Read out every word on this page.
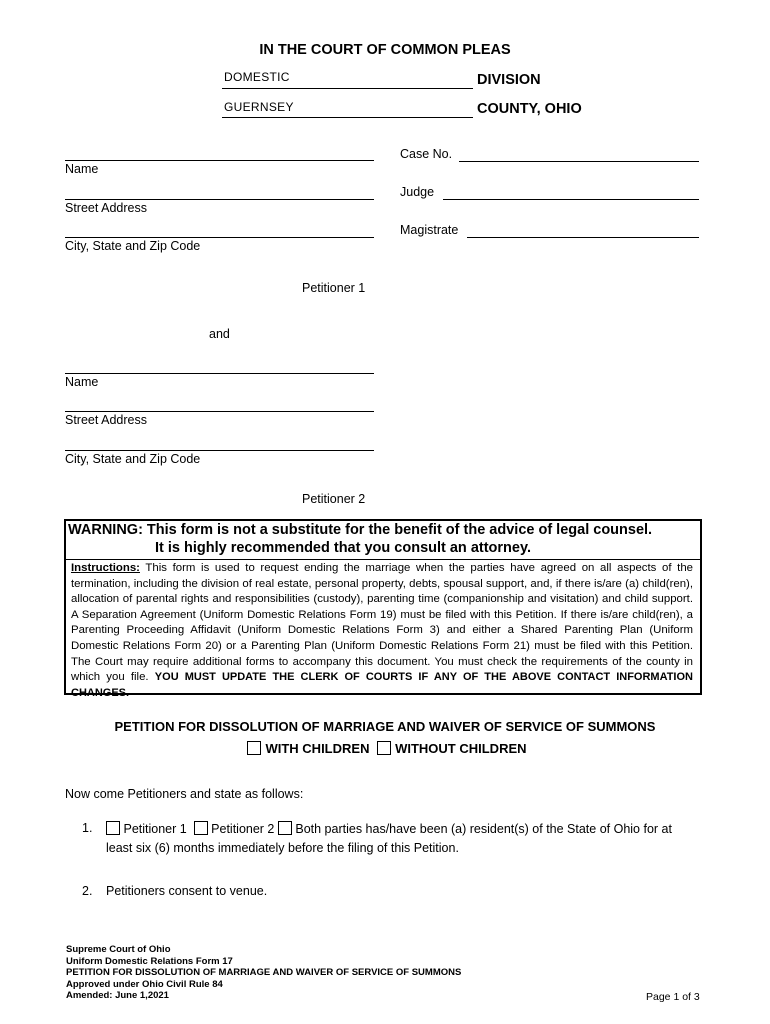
IN THE COURT OF COMMON PLEAS
DOMESTIC	DIVISION
GUERNSEY	COUNTY, OHIO
Case No.
Judge
Magistrate
Name
Street Address
City, State and Zip Code
Petitioner 1
and
Name
Street Address
City, State and Zip Code
Petitioner 2
WARNING: This form is not a substitute for the benefit of the advice of legal counsel.
It is highly recommended that you consult an attorney.
Instructions: This form is used to request ending the marriage when the parties have agreed on all aspects of the termination, including the division of real estate, personal property, debts, spousal support, and, if there is/are (a) child(ren), allocation of parental rights and responsibilities (custody), parenting time (companionship and visitation) and child support. A Separation Agreement (Uniform Domestic Relations Form 19) must be filed with this Petition. If there is/are child(ren), a Parenting Proceeding Affidavit (Uniform Domestic Relations Form 3) and either a Shared Parenting Plan (Uniform Domestic Relations Form 20) or a Parenting Plan (Uniform Domestic Relations Form 21) must be filed with this Petition. The Court may require additional forms to accompany this document. You must check the requirements of the county in which you file. YOU MUST UPDATE THE CLERK OF COURTS IF ANY OF THE ABOVE CONTACT INFORMATION CHANGES.
PETITION FOR DISSOLUTION OF MARRIAGE AND WAIVER OF SERVICE OF SUMMONS
WITH CHILDREN WITHOUT CHILDREN
Now come Petitioners and state as follows:
1.	Petitioner 1 Petitioner 2 Both parties has/have been (a) resident(s) of the State of Ohio for at
least six (6) months immediately before the filing of this Petition.
2. Petitioners consent to venue.
Supreme Court of Ohio
Uniform Domestic Relations Form 17
PETITION FOR DISSOLUTION OF MARRIAGE AND WAIVER OF SERVICE OF SUMMONS
Approved under Ohio Civil Rule 84
Amended: June 1,2021	Page 1 of 3
